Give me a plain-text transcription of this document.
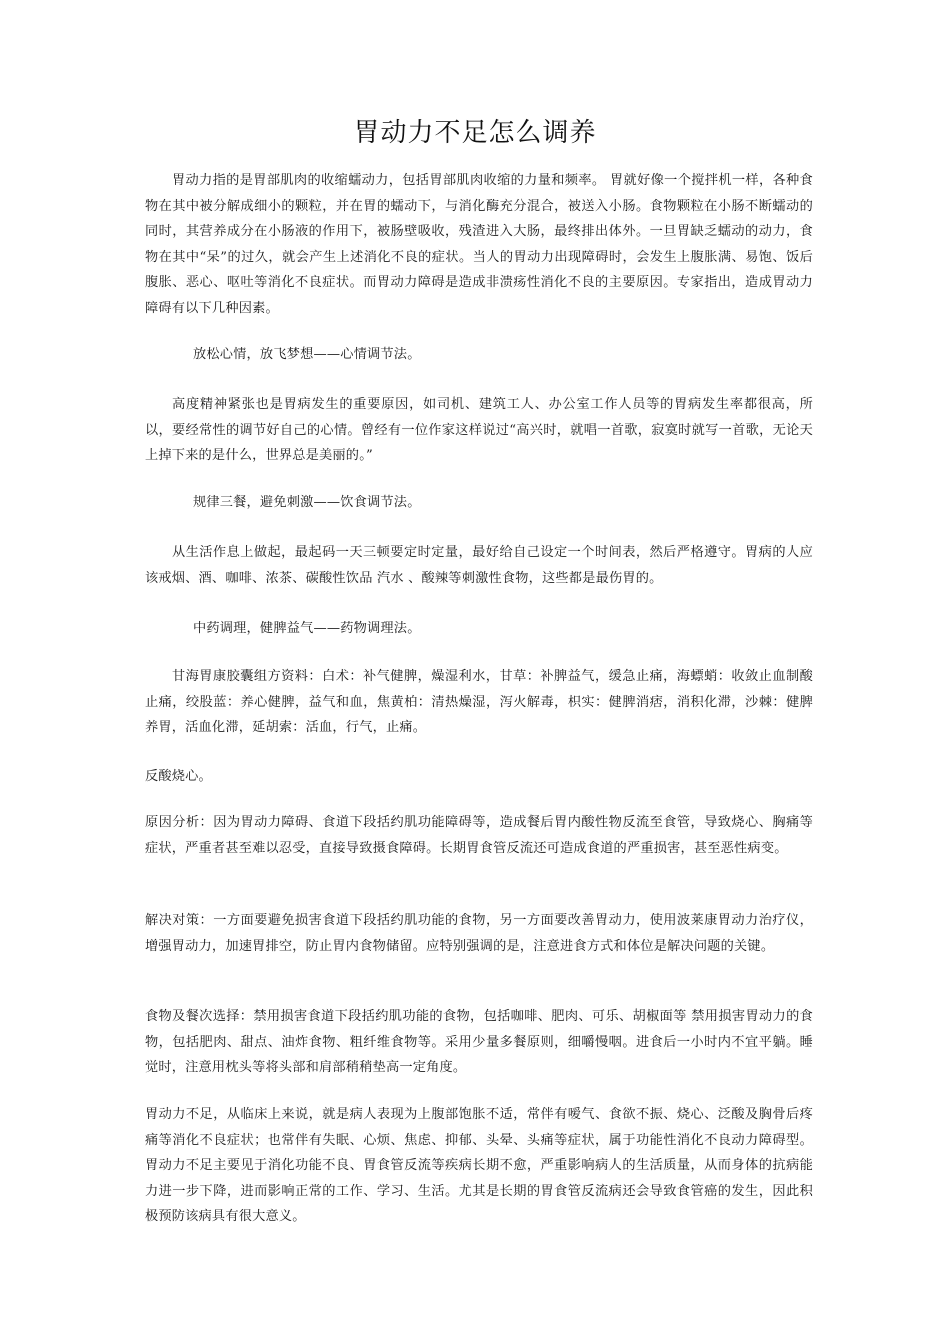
胃动力不足怎么调养

胃动力指的是胃部肌肉的收缩蠕动力，包括胃部肌肉收缩的力量和频率。 胃就好像一个搅拌机一样，各种食物在其中被分解成细小的颗粒，并在胃的蠕动下，与消化酶充分混合，被送入小肠。食物颗粒在小肠不断蠕动的同时，其营养成分在小肠液的作用下，被肠壁吸收，残渣进入大肠，最终排出体外。一旦胃缺乏蠕动的动力，食物在其中“呆”的过久，就会产生上述消化不良的症状。当人的胃动力出现障碍时，会发生上腹胀满、易饱、饭后腹胀、恶心、呕吐等消化不良症状。而胃动力障碍是造成非溃疡性消化不良的主要原因。专家指出，造成胃动力障碍有以下几种因素。

放松心情，放飞梦想——心情调节法。

高度精神紧张也是胃病发生的重要原因，如司机、建筑工人、办公室工作人员等的胃病发生率都很高，所以，要经常性的调节好自己的心情。曾经有一位作家这样说过“高兴时，就唱一首歌，寂寞时就写一首歌，无论天上掉下来的是什么，世界总是美丽的。”

规律三餐，避免刺激——饮食调节法。

从生活作息上做起，最起码一天三顿要定时定量，最好给自己设定一个时间表，然后严格遵守。胃病的人应该戒烟、酒、咖啡、浓茶、碳酸性饮品 汽水 、酸辣等刺激性食物，这些都是最伤胃的。

中药调理，健脾益气——药物调理法。

甘海胃康胶囊组方资料：白术：补气健脾，燥湿利水，甘草：补脾益气，缓急止痛，海螵蛸：收敛止血制酸止痛，绞股蓝：养心健脾，益气和血，焦黄柏：清热燥湿，泻火解毒，枳实：健脾消痞，消积化滞，沙棘：健脾养胃，活血化滞，延胡索：活血，行气，止痛。

反酸烧心。

原因分析：因为胃动力障碍、食道下段括约肌功能障碍等，造成餐后胃内酸性物反流至食管，导致烧心、胸痛等症状，严重者甚至难以忍受，直接导致摄食障碍。长期胃食管反流还可造成食道的严重损害，甚至恶性病变。

解决对策：一方面要避免损害食道下段括约肌功能的食物，另一方面要改善胃动力，使用波莱康胃动力治疗仪，增强胃动力，加速胃排空，防止胃内食物储留。应特别强调的是，注意进食方式和体位是解决问题的关键。

食物及餐次选择：禁用损害食道下段括约肌功能的食物，包括咖啡、肥肉、可乐、胡椒面等 禁用损害胃动力的食物，包括肥肉、甜点、油炸食物、粗纤维食物等。采用少量多餐原则，细嚼慢咽。进食后一小时内不宜平躺。睡觉时，注意用枕头等将头部和肩部稍稍垫高一定角度。

胃动力不足，从临床上来说，就是病人表现为上腹部饱胀不适，常伴有嗳气、食欲不振、烧心、泛酸及胸骨后疼痛等消化不良症状；也常伴有失眠、心烦、焦虑、抑郁、头晕、头痛等症状，属于功能性消化不良动力障碍型。胃动力不足主要见于消化功能不良、胃食管反流等疾病长期不愈，严重影响病人的生活质量，从而身体的抗病能力进一步下降，进而影响正常的工作、学习、生活。尤其是长期的胃食管反流病还会导致食管癌的发生，因此积极预防该病具有很大意义。
